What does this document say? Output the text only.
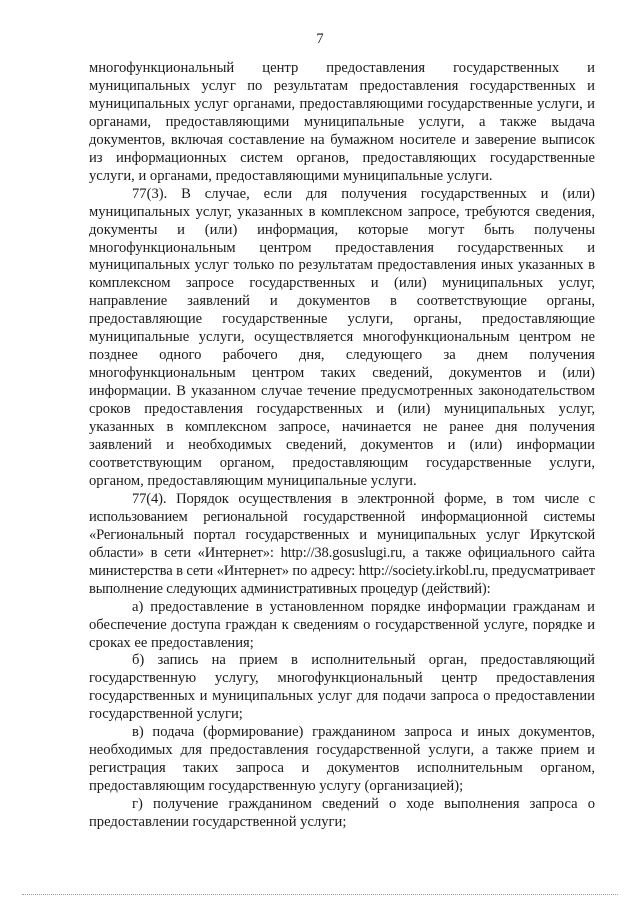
7

многофункциональный центр предоставления государственных и муниципальных услуг по результатам предоставления государственных и муниципальных услуг органами, предоставляющими государственные услуги, и органами, предоставляющими муниципальные услуги, а также выдача документов, включая составление на бумажном носителе и заверение выписок из информационных систем органов, предоставляющих государственные услуги, и органами, предоставляющими муниципальные услуги.

77(3). В случае, если для получения государственных и (или) муниципальных услуг, указанных в комплексном запросе, требуются сведения, документы и (или) информация, которые могут быть получены многофункциональным центром предоставления государственных и муниципальных услуг только по результатам предоставления иных указанных в комплексном запросе государственных и (или) муниципальных услуг, направление заявлений и документов в соответствующие органы, предоставляющие государственные услуги, органы, предоставляющие муниципальные услуги, осуществляется многофункциональным центром не позднее одного рабочего дня, следующего за днем получения многофункциональным центром таких сведений, документов и (или) информации. В указанном случае течение предусмотренных законодательством сроков предоставления государственных и (или) муниципальных услуг, указанных в комплексном запросе, начинается не ранее дня получения заявлений и необходимых сведений, документов и (или) информации соответствующим органом, предоставляющим государственные услуги, органом, предоставляющим муниципальные услуги.

77(4). Порядок осуществления в электронной форме, в том числе с использованием региональной государственной информационной системы «Региональный портал государственных и муниципальных услуг Иркутской области» в сети «Интернет»: http://38.gosuslugi.ru, а также официального сайта министерства в сети «Интернет» по адресу: http://society.irkobl.ru, предусматривает выполнение следующих административных процедур (действий):

а) предоставление в установленном порядке информации гражданам и обеспечение доступа граждан к сведениям о государственной услуге, порядке и сроках ее предоставления;

б) запись на прием в исполнительный орган, предоставляющий государственную услугу, многофункциональный центр предоставления государственных и муниципальных услуг для подачи запроса о предоставлении государственной услуги;

в) подача (формирование) гражданином запроса и иных документов, необходимых для предоставления государственной услуги, а также прием и регистрация таких запроса и документов исполнительным органом, предоставляющим государственную услугу (организацией);

г) получение гражданином сведений о ходе выполнения запроса о предоставлении государственной услуги;
